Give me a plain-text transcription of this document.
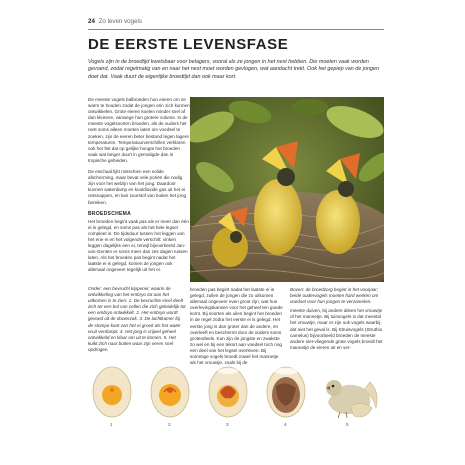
24 Zo leven vogels
DE EERSTE LEVENSFASE

Vogels zijn in de broedtijd kwetsbaar voor belagers, vooral als ze jongen in het nest hebben. Die moeten vaak worden gevoerd, zodat regelmatig van en naar het nest moet worden gevlogen, wat aandacht trekt. Ook het gepiep van de jongen doet dat. Vaak duurt de eigenlijke broedtijd dan ook maar kort.

De meeste vogels balbroeden hun eieren om ze warm te houden zodat de jongen erin zich kunnen ontwikkelen. Grote eieren koelen minder snel af dan kleinere, vanwege hun grotere volume. In de meeste vogelsoorten broeden, als de ouders het nest soms alleen moeten laten om voedsel te zoeken, zijn de eieren beter bestand tegen lagere temperaturen. Temperatuurverschillen verklaren ook het feit dat op gelijke hoogte het broeden vaak wat langer duurt in gematigde dan in tropische gebieden.

De eischaal lijkt misschien een solide afscherming, maar bevat vele poriën die nodig zijn voor het welzijn van het jong. Daardoor kunnen waterdamp en kooldioxide gas uit het ei ontsnappen, en kan zuurstof van buiten het jong bereiken.

BROEDSCHEMA

Het broeden begint vaak pas als er meer dan één ei is gelegd, en soms pas als het hele legsel compleet is. De tijdsduur tussen het leggen van het ene ei en het volgende verschilt: vinken leggen dagelijks een ei, terwijl bijvoorbeeld Jan-van-Genten er soms meer dan zes dagen tussen laten. Als het broeden pas begint nadat het laatste ei is gelegd, komen de jongen ook allemaal ongeveer tegelijk uit het ei.

Onder: een bevrucht kippenei; waarin de ontwikkeling van het embryo tot aan het uitkomen is te zien. 1. De bevruchte eicel deelt zich tot een bol van cellen die zich geleidelijk tot een embryo ontwikkelt. 2. Het embryo wordt gevoed uit de dooierzak. 3. De luchtkamer bij de stompe kant van het ei groeit als het water eruit verdampt. 4. Het jong is vrijwel geheel ontwikkeld en klaar om uit te komen. 5. Het kuikt zich naar buiten waar zijn veren snel opdrogen.

broeden pas begint nadat het laatste ei is gelegd, zullen de jongen die zo uitkomen allemaal ongeveer even groot zijn, wat hun overlevingskansen voor het geheel ten goede komt. Bij soorten als uilen begint het broeden in de regel zodra het eerste ei is gelegd. Het eerste jong is dan groter dan de andere, en overleeft en beschermt door de ouders soms grotendeels. Kan zijn de jongste en zwakste zo wel en bij een tekort aan voedsel toch nog een deel van het legsel overleven. Bij sommige vogels broedt zowel het mannetje als het vrouwtje, zoals bij de

Boven: de broedzorg begint in het voorjaar; beide oudervogels moeten hard werken om voedsel voor hun jongen te verzamelen.

meeste duiven, bij andere alleen het vrouwtje of het mannetje. Bij tuinvogels is dat meestal het vrouwtje, maar er zijn ook vogels waarbij dat niet het geval is. Bij Struisvogels (Struthio camelus) bijvoorbeeld broeden de meeste andere niet-vliegende grote vogels broedt het mannetje de eieren uit en ver-

1	2	3	4	5
